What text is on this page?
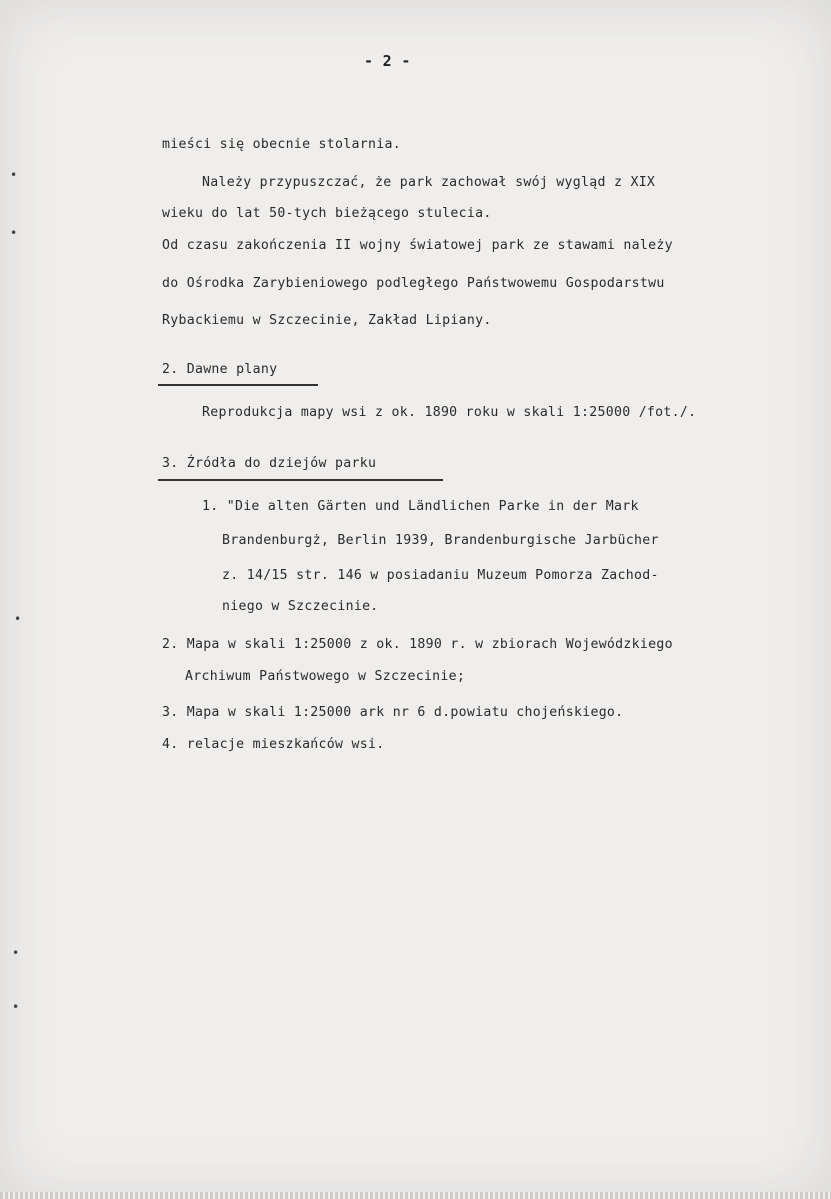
•
•
•
•
•
- 2 -
mieści się obecnie stolarnia.
Należy przypuszczać, że park zachował swój wygląd z XIX
wieku do lat 50-tych bieżącego stulecia.
Od czasu zakończenia II wojny światowej park ze stawami należy
do Ośrodka Zarybieniowego podległego Państwowemu Gospodarstwu
Rybackiemu w Szczecinie, Zakład Lipiany.
2. Dawne plany
Reprodukcja mapy wsi z ok. 1890 roku w skali 1:25000 /fot./.
3. Źródła do dziejów parku
1. "Die alten Gärten und Ländlichen Parke in der Mark
Brandenburgż, Berlin 1939, Brandenburgische Jarbücher
z. 14/15 str. 146 w posiadaniu Muzeum Pomorza Zachod-
niego w Szczecinie.
2. Mapa w skali 1:25000 z ok. 1890 r. w zbiorach Wojewódzkiego
Archiwum Państwowego w Szczecinie;
3. Mapa w skali 1:25000 ark nr 6 d.powiatu chojeńskiego.
4. relacje mieszkańców wsi.
